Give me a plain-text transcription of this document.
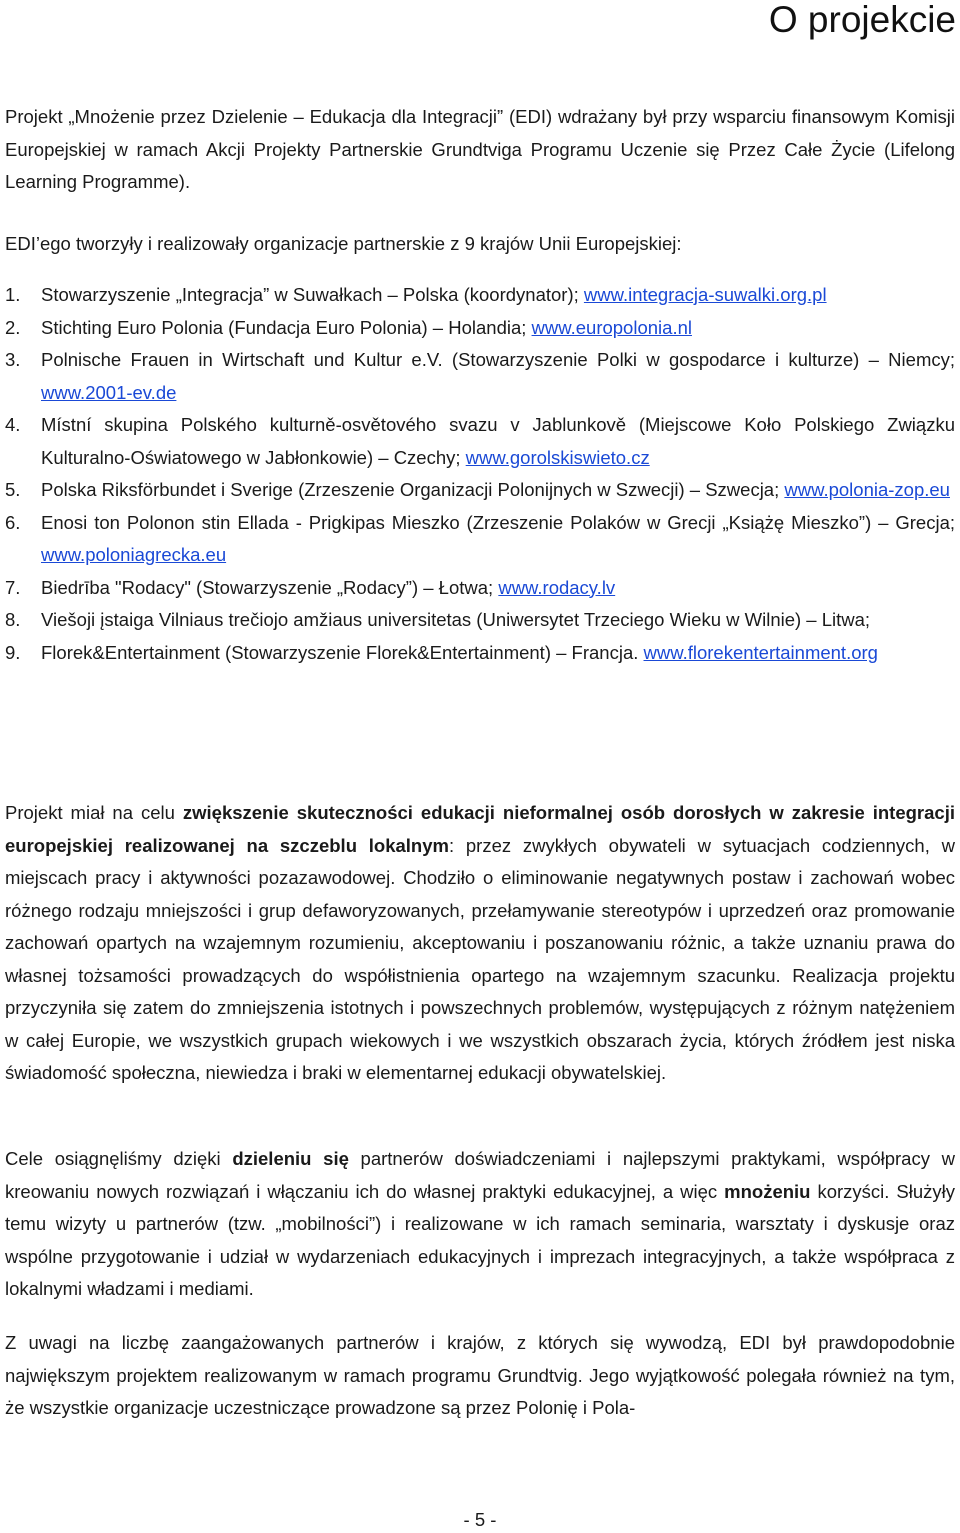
O projekcie

Projekt „Mnożenie przez Dzielenie – Edukacja dla Integracji” (EDI) wdrażany był przy wsparciu finansowym Komisji Europejskiej w ramach Akcji Projekty Partnerskie Grundtviga Programu Uczenie się Przez Całe Życie (Lifelong Learning Programme).

EDI’ego tworzyły i realizowały organizacje partnerskie z 9 krajów Unii Europejskiej:

1. Stowarzyszenie „Integracja” w Suwałkach – Polska (koordynator); www.integracja-suwalki.org.pl
2. Stichting Euro Polonia (Fundacja Euro Polonia) – Holandia; www.europolonia.nl
3. Polnische Frauen in Wirtschaft und Kultur e.V. (Stowarzyszenie Polki w gospodarce i kulturze) – Niemcy; www.2001-ev.de
4. Místní skupina Polského kulturně-osvětového svazu v Jablunkově (Miejscowe Koło Polskiego Związku Kulturalno-Oświatowego w Jabłonkowie) – Czechy; www.gorolskiswieto.cz
5. Polska Riksförbundet i Sverige (Zrzeszenie Organizacji Polonijnych w Szwecji) – Szwecja; www.polonia-zop.eu
6. Enosi ton Polonon stin Ellada - Prigkipas Mieszko (Zrzeszenie Polaków w Grecji „Książę Mieszko”) – Grecja; www.poloniagrecka.eu
7. Biedrība "Rodacy" (Stowarzyszenie „Rodacy”) – Łotwa; www.rodacy.lv
8. Viešoji įstaiga Vilniaus trečiojo amžiaus universitetas (Uniwersytet Trzeciego Wieku w Wilnie) – Litwa;
9. Florek&Entertainment (Stowarzyszenie Florek&Entertainment) – Francja. www.florekentertainment.org

Projekt miał na celu zwiększenie skuteczności edukacji nieformalnej osób dorosłych w zakresie integracji europejskiej realizowanej na szczeblu lokalnym: przez zwykłych obywateli w sytuacjach codziennych, w miejscach pracy i aktywności pozazawodowej. Chodziło o eliminowanie negatywnych postaw i zachowań wobec różnego rodzaju mniejszości i grup defaworyzowanych, przełamywanie stereotypów i uprzedzeń oraz promowanie zachowań opartych na wzajemnym rozumieniu, akceptowaniu i poszanowaniu różnic, a także uznaniu prawa do własnej tożsamości prowadzących do współistnienia opartego na wzajemnym szacunku. Realizacja projektu przyczyniła się zatem do zmniejszenia istotnych i powszechnych problemów, występujących z różnym natężeniem w całej Europie, we wszystkich grupach wiekowych i we wszystkich obszarach życia, których źródłem jest niska świadomość społeczna, niewiedza i braki w elementarnej edukacji obywatelskiej.

Cele osiągnęliśmy dzięki dzieleniu się partnerów doświadczeniami i najlepszymi praktykami, współpracy w kreowaniu nowych rozwiązań i włączaniu ich do własnej praktyki edukacyjnej, a więc mnożeniu korzyści. Służyły temu wizyty u partnerów (tzw. „mobilności”) i realizowane w ich ramach seminaria, warsztaty i dyskusje oraz wspólne przygotowanie i udział w wydarzeniach edukacyjnych i imprezach integracyjnych, a także współpraca z lokalnymi władzami i mediami.

Z uwagi na liczbę zaangażowanych partnerów i krajów, z których się wywodzą, EDI był prawdopodobnie największym projektem realizowanym w ramach programu Grundtvig. Jego wyjątkowość polegała również na tym, że wszystkie organizacje uczestniczące prowadzone są przez Polonię i Pola-

- 5 -
